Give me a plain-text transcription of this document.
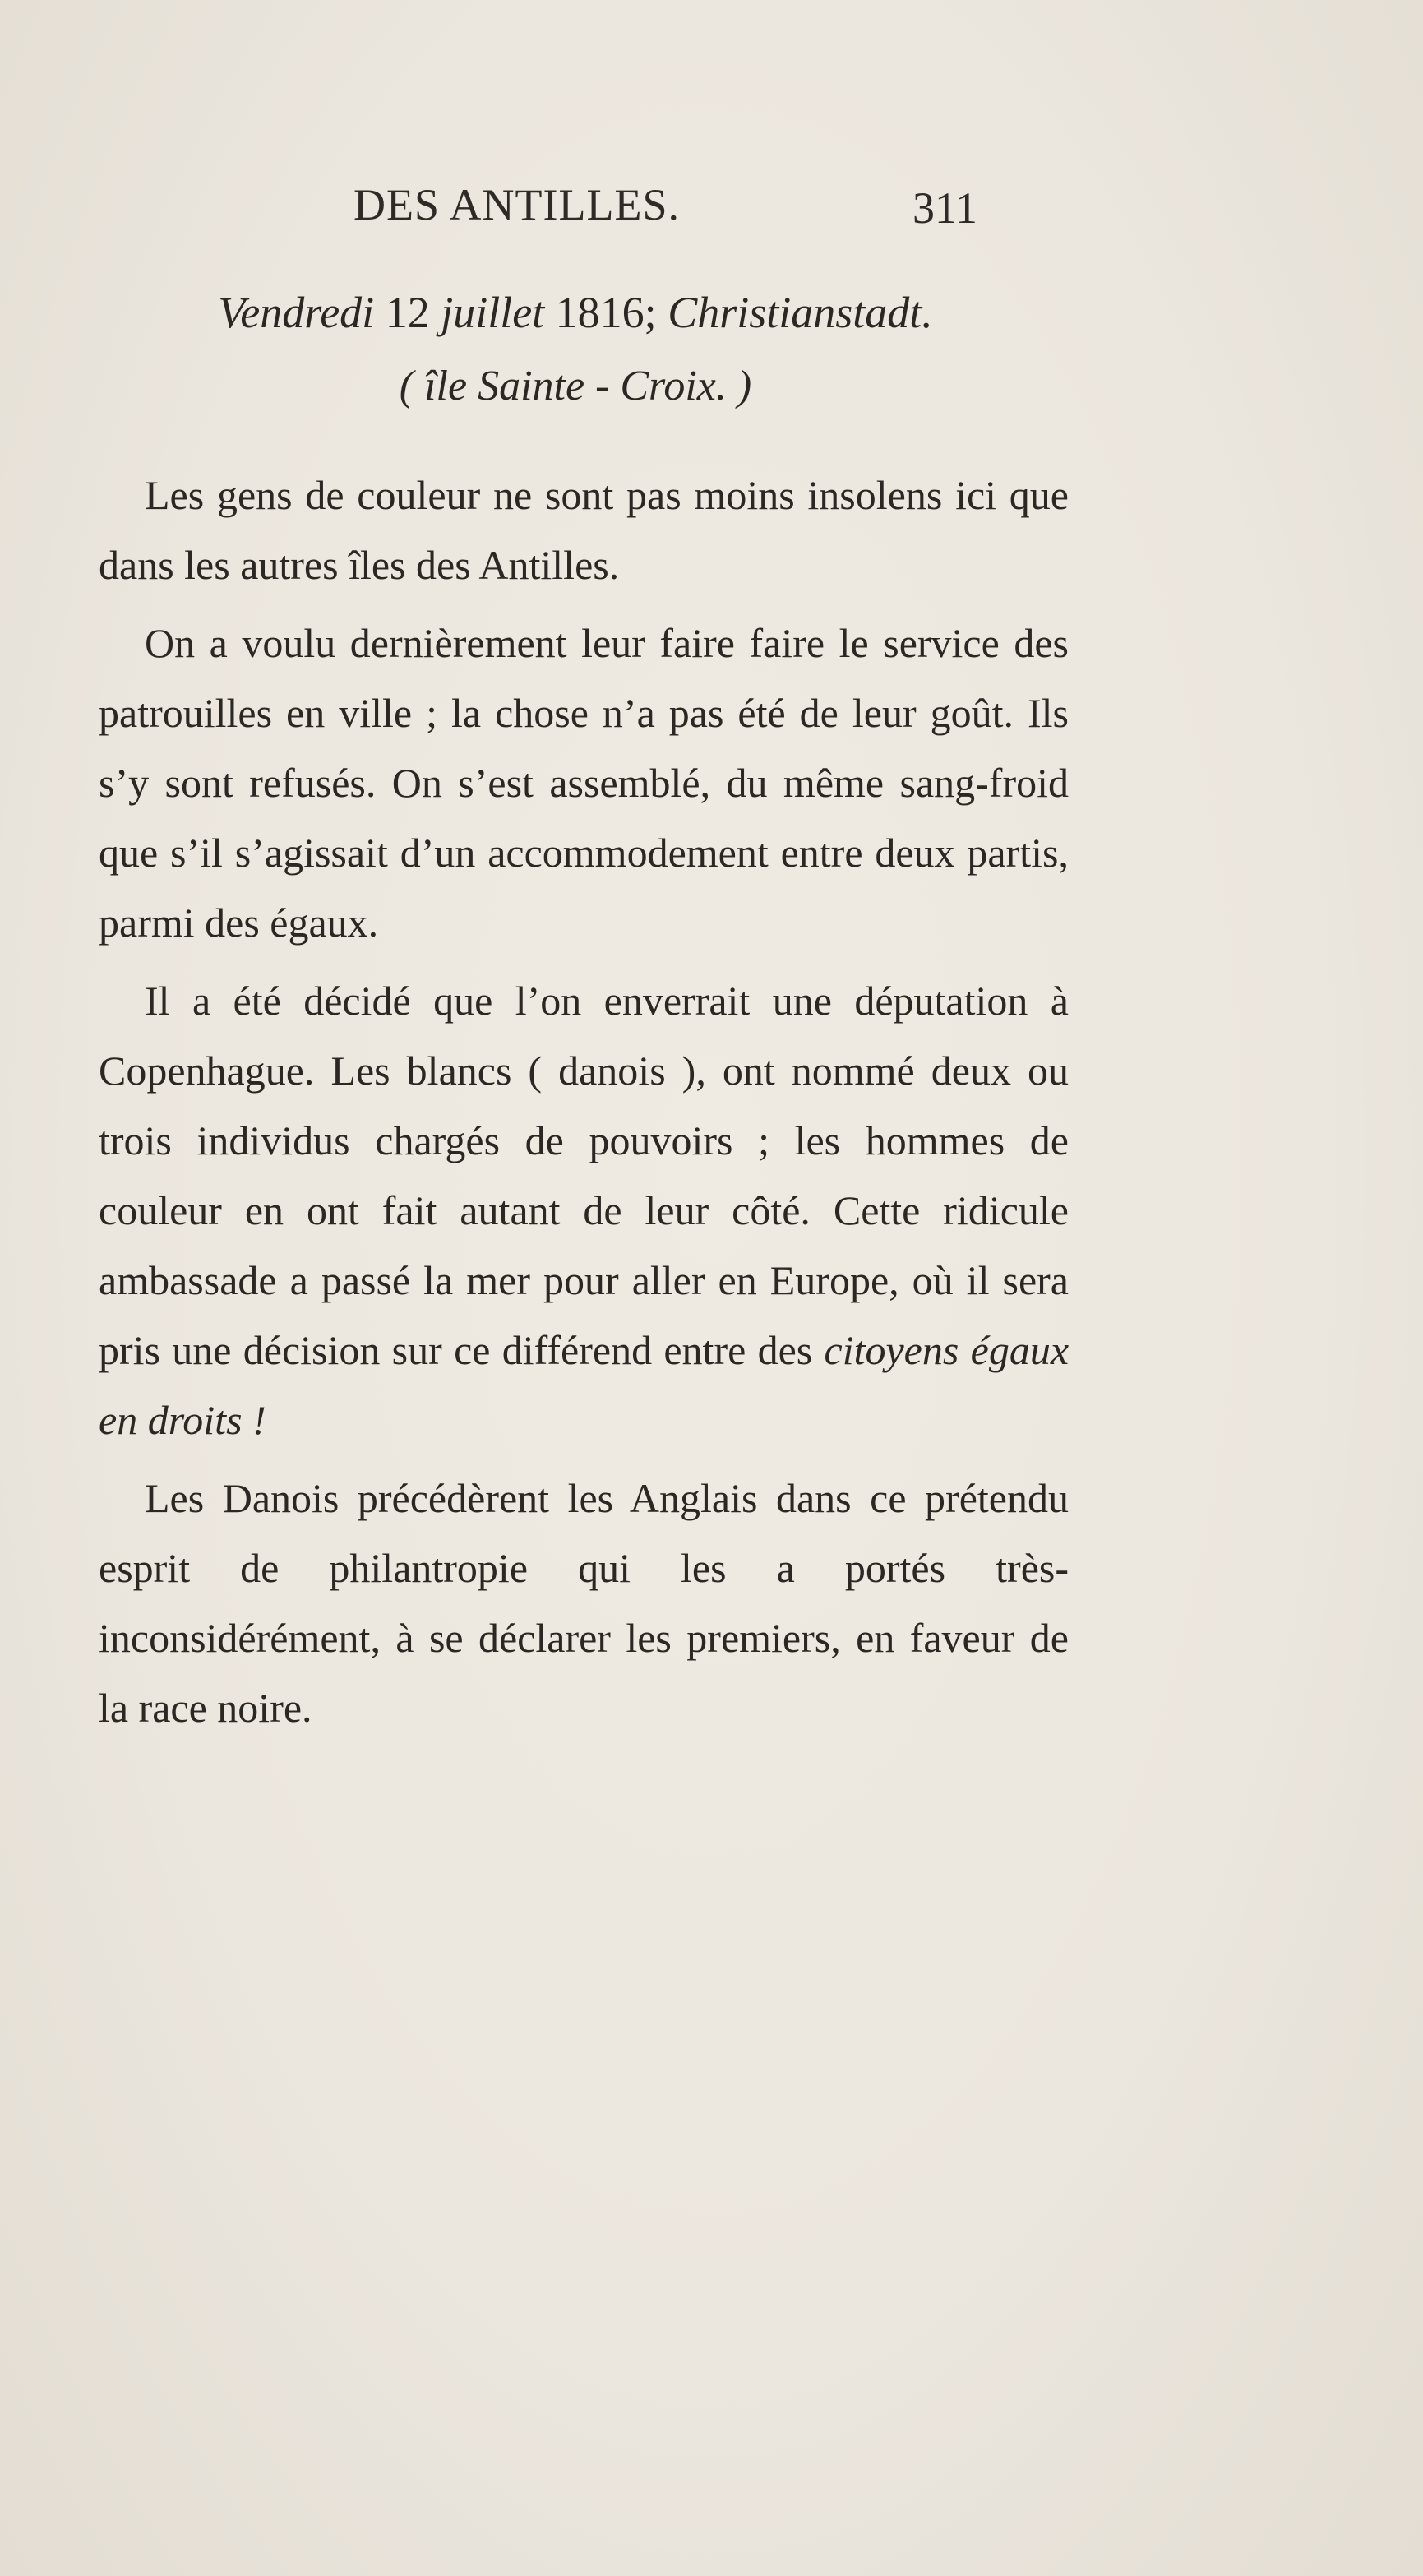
DES ANTILLES.	311
Vendredi 12 juillet 1816; Christianstadt.
( île Sainte - Croix. )

Les gens de couleur ne sont pas moins insolens ici que dans les autres îles des Antilles.

On a voulu dernièrement leur faire faire le service des patrouilles en ville ; la chose n’a pas été de leur goût. Ils s’y sont refusés. On s’est assemblé, du même sang-froid que s’il s’agissait d’un accommodement entre deux partis, parmi des égaux.

Il a été décidé que l’on enverrait une députation à Copenhague. Les blancs ( danois ), ont nommé deux ou trois individus chargés de pouvoirs ; les hommes de couleur en ont fait autant de leur côté. Cette ridicule ambassade a passé la mer pour aller en Europe, où il sera pris une décision sur ce différend entre des citoyens égaux en droits !

Les Danois précédèrent les Anglais dans ce prétendu esprit de philantropie qui les a portés très-inconsidérément, à se déclarer les premiers, en faveur de la race noire.
